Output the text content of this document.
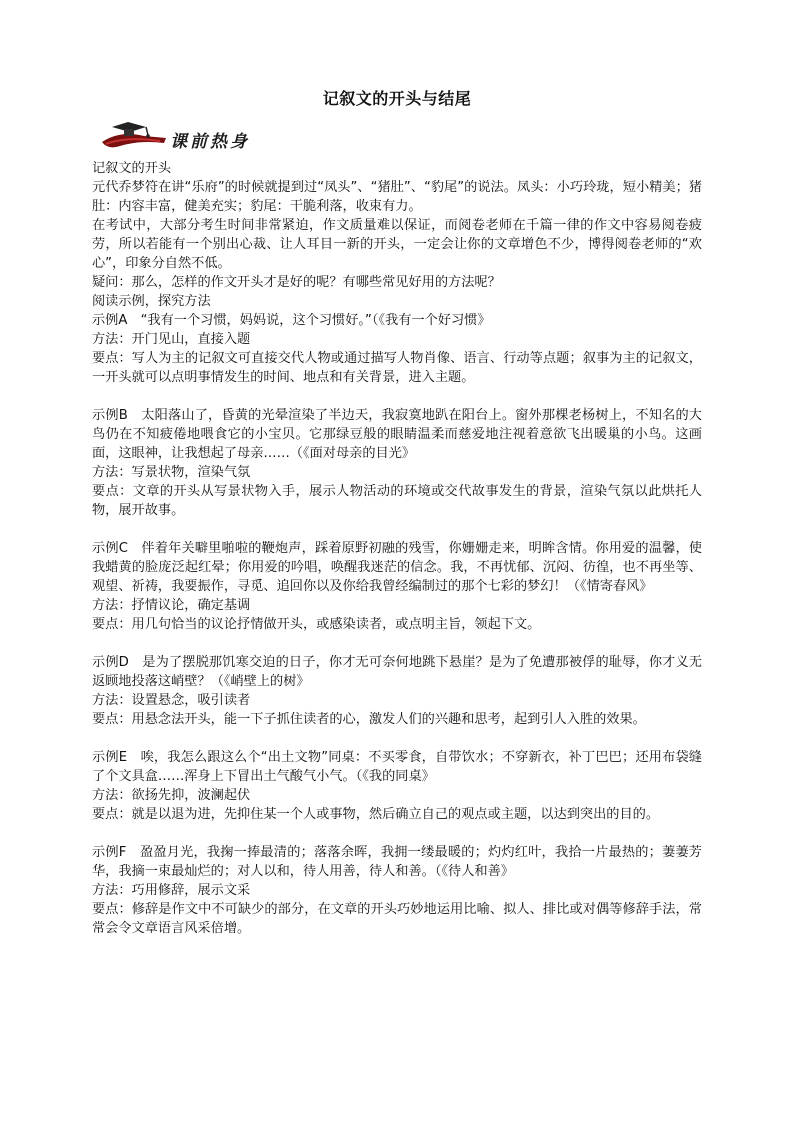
记叙文的开头与结尾
课前热身

记叙文的开头

元代乔梦符在讲“乐府”的时候就提到过“凤头”、“猪肚”、“豹尾”的说法。凤头：小巧玲珑，短小精美；猪肚：内容丰富，健美充实；豹尾：干脆利落，收束有力。

在考试中，大部分考生时间非常紧迫，作文质量难以保证，而阅卷老师在千篇一律的作文中容易阅卷疲劳，所以若能有一个别出心裁、让人耳目一新的开头，一定会让你的文章增色不少，博得阅卷老师的“欢心”，印象分自然不低。

疑问：那么，怎样的作文开头才是好的呢？有哪些常见好用的方法呢？

阅读示例，探究方法

示例A　“我有一个习惯，妈妈说，这个习惯好。”（《我有一个好习惯》

方法：开门见山，直接入题

要点：写人为主的记叙文可直接交代人物或通过描写人物肖像、语言、行动等点题；叙事为主的记叙文，一开头就可以点明事情发生的时间、地点和有关背景，进入主题。

示例B　太阳落山了，昏黄的光晕渲染了半边天，我寂寞地趴在阳台上。窗外那棵老杨树上，不知名的大鸟仍在不知疲倦地喂食它的小宝贝。它那绿豆般的眼睛温柔而慈爱地注视着意欲飞出暖巢的小鸟。这画面，这眼神，让我想起了母亲……（《面对母亲的目光》

方法：写景状物，渲染气氛

要点：文章的开头从写景状物入手，展示人物活动的环境或交代故事发生的背景，渲染气氛以此烘托人物，展开故事。

示例C　伴着年关噼里啪啦的鞭炮声，踩着原野初融的残雪，你姗姗走来，明眸含情。你用爱的温馨，使我蜡黄的脸庞泛起红晕；你用爱的吟唱，唤醒我迷茫的信念。我，不再忧郁、沉闷、彷徨，也不再坐等、观望、祈祷，我要振作，寻觅、追回你以及你给我曾经编制过的那个七彩的梦幻！（《情寄春风》

方法：抒情议论，确定基调

要点：用几句恰当的议论抒情做开头，或感染读者，或点明主旨，领起下文。

示例D　是为了摆脱那饥寒交迫的日子，你才无可奈何地跳下悬崖？是为了免遭那被俘的耻辱，你才义无返顾地投落这峭壁？（《峭壁上的树》

方法：设置悬念，吸引读者

要点：用悬念法开头，能一下子抓住读者的心，激发人们的兴趣和思考，起到引人入胜的效果。

示例E　唉，我怎么跟这么个“出土文物”同桌：不买零食，自带饮水；不穿新衣，补丁巴巴；还用布袋缝了个文具盒……浑身上下冒出土气酸气小气。（《我的同桌》

方法：欲扬先抑，波澜起伏

要点：就是以退为进，先抑住某一个人或事物，然后确立自己的观点或主题，以达到突出的目的。

示例F　盈盈月光，我掬一捧最清的；落落余晖，我拥一缕最暖的；灼灼红叶，我拾一片最热的；萋萋芳华，我摘一束最灿烂的；对人以和，待人用善，待人和善。（《待人和善》

方法：巧用修辞，展示文采

要点：修辞是作文中不可缺少的部分，在文章的开头巧妙地运用比喻、拟人、排比或对偶等修辞手法，常常会令文章语言风采倍增。
